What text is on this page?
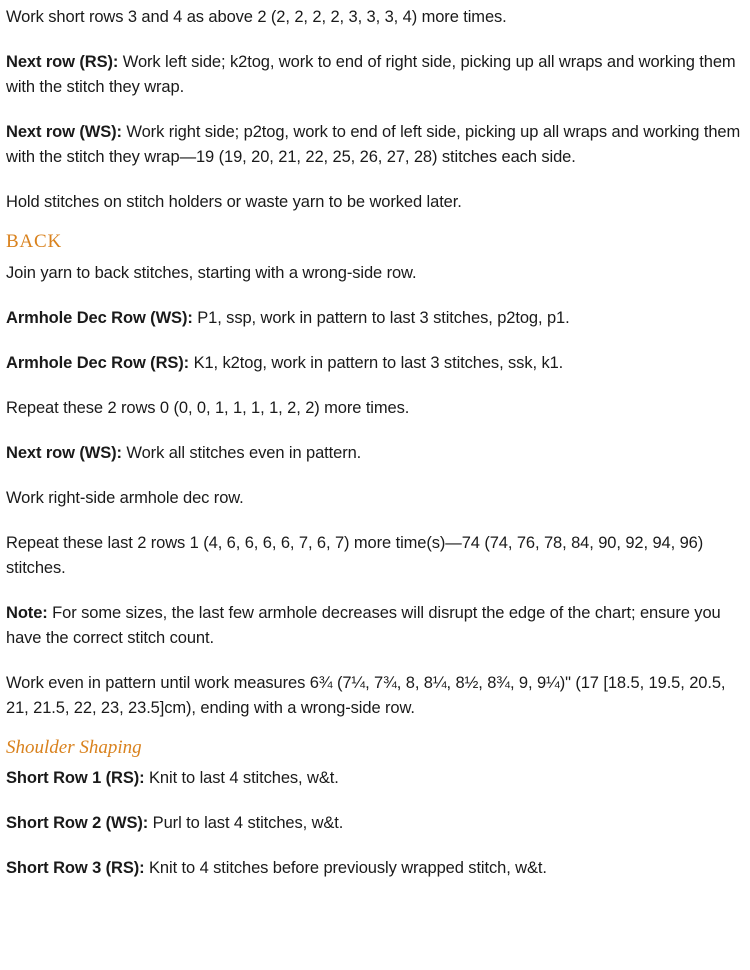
Work short rows 3 and 4 as above 2 (2, 2, 2, 2, 3, 3, 3, 4) more times.

Next row (RS): Work left side; k2tog, work to end of right side, picking up all wraps and working them with the stitch they wrap.

Next row (WS): Work right side; p2tog, work to end of left side, picking up all wraps and working them with the stitch they wrap—19 (19, 20, 21, 22, 25, 26, 27, 28) stitches each side.

Hold stitches on stitch holders or waste yarn to be worked later.

BACK

Join yarn to back stitches, starting with a wrong-side row.

Armhole Dec Row (WS): P1, ssp, work in pattern to last 3 stitches, p2tog, p1.

Armhole Dec Row (RS): K1, k2tog, work in pattern to last 3 stitches, ssk, k1.

Repeat these 2 rows 0 (0, 0, 1, 1, 1, 1, 2, 2) more times.

Next row (WS): Work all stitches even in pattern.

Work right-side armhole dec row.

Repeat these last 2 rows 1 (4, 6, 6, 6, 6, 7, 6, 7) more time(s)—74 (74, 76, 78, 84, 90, 92, 94, 96) stitches.

Note: For some sizes, the last few armhole decreases will disrupt the edge of the chart; ensure you have the correct stitch count.

Work even in pattern until work measures 6¾ (7¼, 7¾, 8, 8¼, 8½, 8¾, 9, 9¼)" (17 [18.5, 19.5, 20.5, 21, 21.5, 22, 23, 23.5]cm), ending with a wrong-side row.

Shoulder Shaping

Short Row 1 (RS): Knit to last 4 stitches, w&t.

Short Row 2 (WS): Purl to last 4 stitches, w&t.

Short Row 3 (RS): Knit to 4 stitches before previously wrapped stitch, w&t.
